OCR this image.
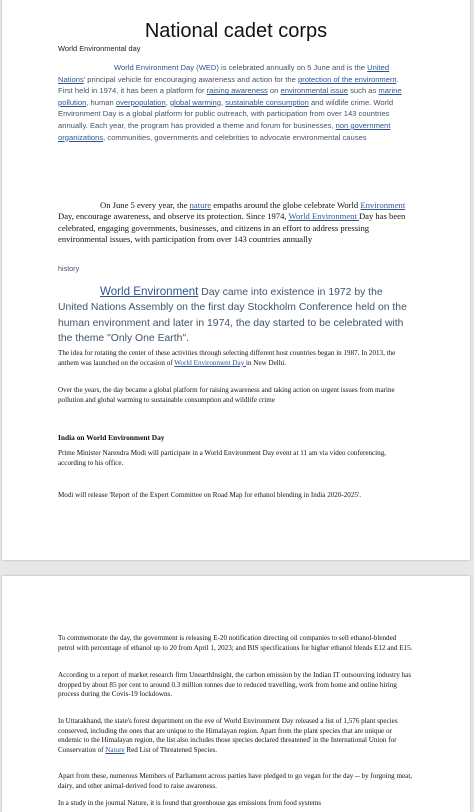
National cadet corps
World Environmental day
World Environment Day (WED) is celebrated annually on 5 June and is the United Nations' principal vehicle for encouraging awareness and action for the protection of the environment. First held in 1974, it has been a platform for raising awareness on environmental issue such as marine pollution, human overpopulation, global warming, sustainable consumption and wildlife crime. World Environment Day is a global platform for public outreach, with participation from over 143 countries annually. Each year, the program has provided a theme and forum for businesses, non government organizations, communities, governments and celebrities to advocate environmental causes
On June 5 every year, the nature empaths around the globe celebrate World Environment Day, encourage awareness, and observe its protection. Since 1974, World Environment Day has been celebrated, engaging governments, businesses, and citizens in an effort to address pressing environmental issues, with participation from over 143 countries annually
history
World Environment Day came into existence in 1972 by the United Nations Assembly on the first day Stockholm Conference held on the human environment and later in 1974, the day started to be celebrated with the theme "Only One Earth".
The idea for rotating the center of these activities through selecting different host countries began in 1987. In 2013, the anthem was launched on the occasion of World Environment Day in New Delhi.
Over the years, the day became a global platform for raising awareness and taking action on urgent issues from marine pollution and global warming to sustainable consumption and wildlife crime
India on World Environment Day
Prime Minister Narendra Modi will participate in a World Environment Day event at 11 am via video conferencing, according to his office.
Modi will release 'Report of the Expert Committee on Road Map for ethanol blending in India 2020-2025'.
To commemorate the day, the government is releasing E-20 notification directing oil companies to sell ethanol-blended petrol with percentage of ethanol up to 20 from April 1, 2023; and BIS specifications for higher ethanol blends E12 and E15.
According to a report of market research firm UnearthInsight, the carbon emission by the Indian IT outsourcing industry has dropped by about 85 per cent to around 0.3 million tonnes due to reduced travelling, work from home and online hiring process during the Covis-19 lockdowns.
In Uttarakhand, the state's forest department on the eve of World Environment Day released a list of 1,576 plant species conserved, including the ones that are unique to the Himalayan region. Apart from the plant species that are unique or endemic to the Himalayan region, the list also includes those species declared threatened' in the International Union for Conservation of Nature Red List of Threatened Species.
Apart from these, numerous Members of Parliament across parties have pledged to go vegan for the day -- by forgoing meat, dairy, and other animal-derived food to raise awareness.
In a study in the journal Nature, it is found that greenhouse gas emissions from food systems
